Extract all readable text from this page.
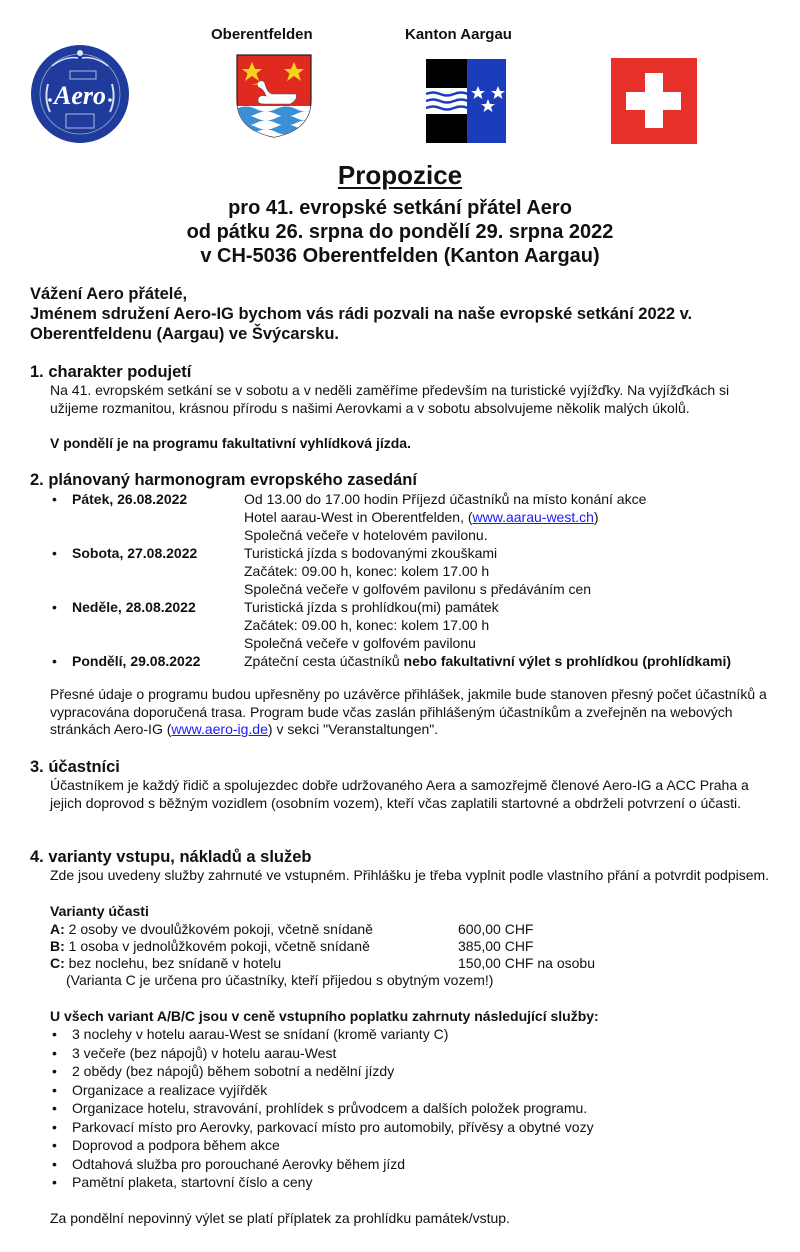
Aero
Oberentfelden	Kanton Aargau
Propozice
pro 41. evropské setkání přátel Aero
od pátku 26. srpna do pondělí 29. srpna 2022
v CH-5036 Oberentfelden (Kanton Aargau)
Vážení Aero přátelé,
Jménem sdružení Aero-IG bychom vás rádi pozvali na naše evropské setkání 2022 v. Oberentfelden​u (Aargau) ve Švýcarsku.
1. charakter podujetí
Na 41. evropském setkání se v sobotu a v neděli zaměříme především na turistické vyjížďky. Na vyjížďkách si užijeme rozmanitou, krásnou přírodu s našimi Aerovkami a v sobotu absolvujeme několik malých úkolů.
V pondělí je na programu fakultativní vyhlídková jízda.
2. plánovaný harmonogram evropského zasedání
• Pátek, 26.08.2022	Od 13.00 do 17.00 hodin Příjezd účastníků na místo konání akce
Hotel aarau-West in Oberentfelden, (www.aarau-west.ch)
Společná večeře v hotelovém pavilonu.
• Sobota, 27.08.2022	Turistická jízda s bodovanými zkouškami
Začátek: 09.00 h, konec: kolem 17.00 h
Společná večeře v golfovém pavilonu s předáváním cen
• Neděle, 28.08.2022	Turistická jízda s prohlídkou(mi) památek
Začátek: 09.00 h, konec: kolem 17.00 h
Společná večeře v golfovém pavilonu
• Pondělí, 29.08.2022	Zpáteční cesta účastníků nebo fakultativní výlet s prohlídkou (prohlídkami)
Přesné údaje o programu budou upřesněny po uzávěrce přihlášek, jakmile bude stanoven přesný počet účastníků a vypracována doporučená trasa. Program bude včas zaslán přihlášeným účastníkům a zveřejněn na webových stránkách Aero-IG (www.aero-ig.de) v sekci "Veranstaltungen".
3. účastníci
Účastníkem je každý řidič a spolujezdec dobře udržovaného Aera a samozřejmě členové Aero-IG a ACC Praha a jejich doprovod s běžným vozidlem (osobním vozem), kteří včas zaplatili startovné a obdrželi potvrzení o účasti.
4. varianty vstupu, nákladů a služeb
Zde jsou uvedeny služby zahrnuté ve vstupném. Přihlášku je třeba vyplnit podle vlastního přání a potvrdit podpisem.
Varianty účasti
A: 2 osoby ve dvoulůžkovém pokoji, včetně snídaně	600,00 CHF
B: 1 osoba v jednolůžkovém pokoji, včetně snídaně	385,00 CHF
C: bez noclehu, bez snídaně v hotelu	150,00 CHF na osobu
(Varianta C je určena pro účastníky, kteří přijedou s obytným vozem!)
U všech variant A/B/C jsou v ceně vstupního poplatku zahrnuty následující služby:
• 3 noclehy v hotelu aarau-West se snídaní (kromě varianty C)
• 3 večeře (bez nápojů) v hotelu aarau-West
• 2 obědy (bez nápojů) během sobotní a nedělní jízdy
• Organizace a realizace vyjířděk
• Organizace hotelu, stravování, prohlídek s průvodcem a dalších položek programu.
• Parkovací místo pro Aerovky, parkovací místo pro automobily, přívěsy a obytné vozy
• Doprovod a podpora během akce
• Odtahová služba pro porouchané Aerovky během jízd
• Pamětní plaketa, startovní číslo a ceny
Za pondělní nepovinný výlet se platí příplatek za prohlídku památek/vstup.
